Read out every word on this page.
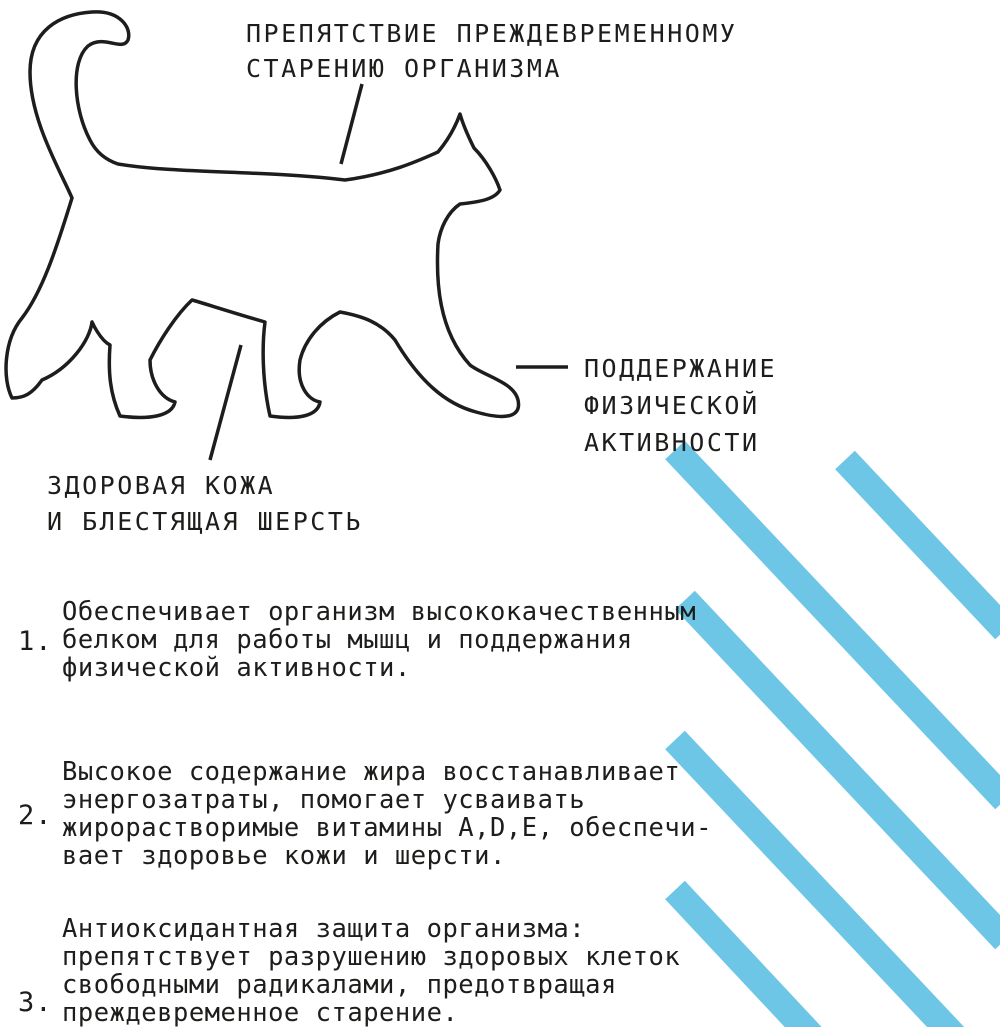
ПРЕПЯТСТВИЕ ПРЕЖДЕВРЕМЕННОМУ
СТАРЕНИЮ ОРГАНИЗМА
ПОДДЕРЖАНИЕ
ФИЗИЧЕСКОЙ
АКТИВНОСТИ
ЗДОРОВАЯ КОЖА
И БЛЕСТЯЩАЯ ШЕРСТЬ
1.
Обеспечивает организм высококачественным
белком для работы мышц и поддержания
физической активности.
2.
Высокое содержание жира восстанавливает
энергозатраты, помогает усваивать
жирорастворимые витамины A,D,E, обеспечи-
вает здоровье кожи и шерсти.
3.
Антиоксидантная защита организма:
препятствует разрушению здоровых клеток
свободными радикалами, предотвращая
преждевременное старение.
